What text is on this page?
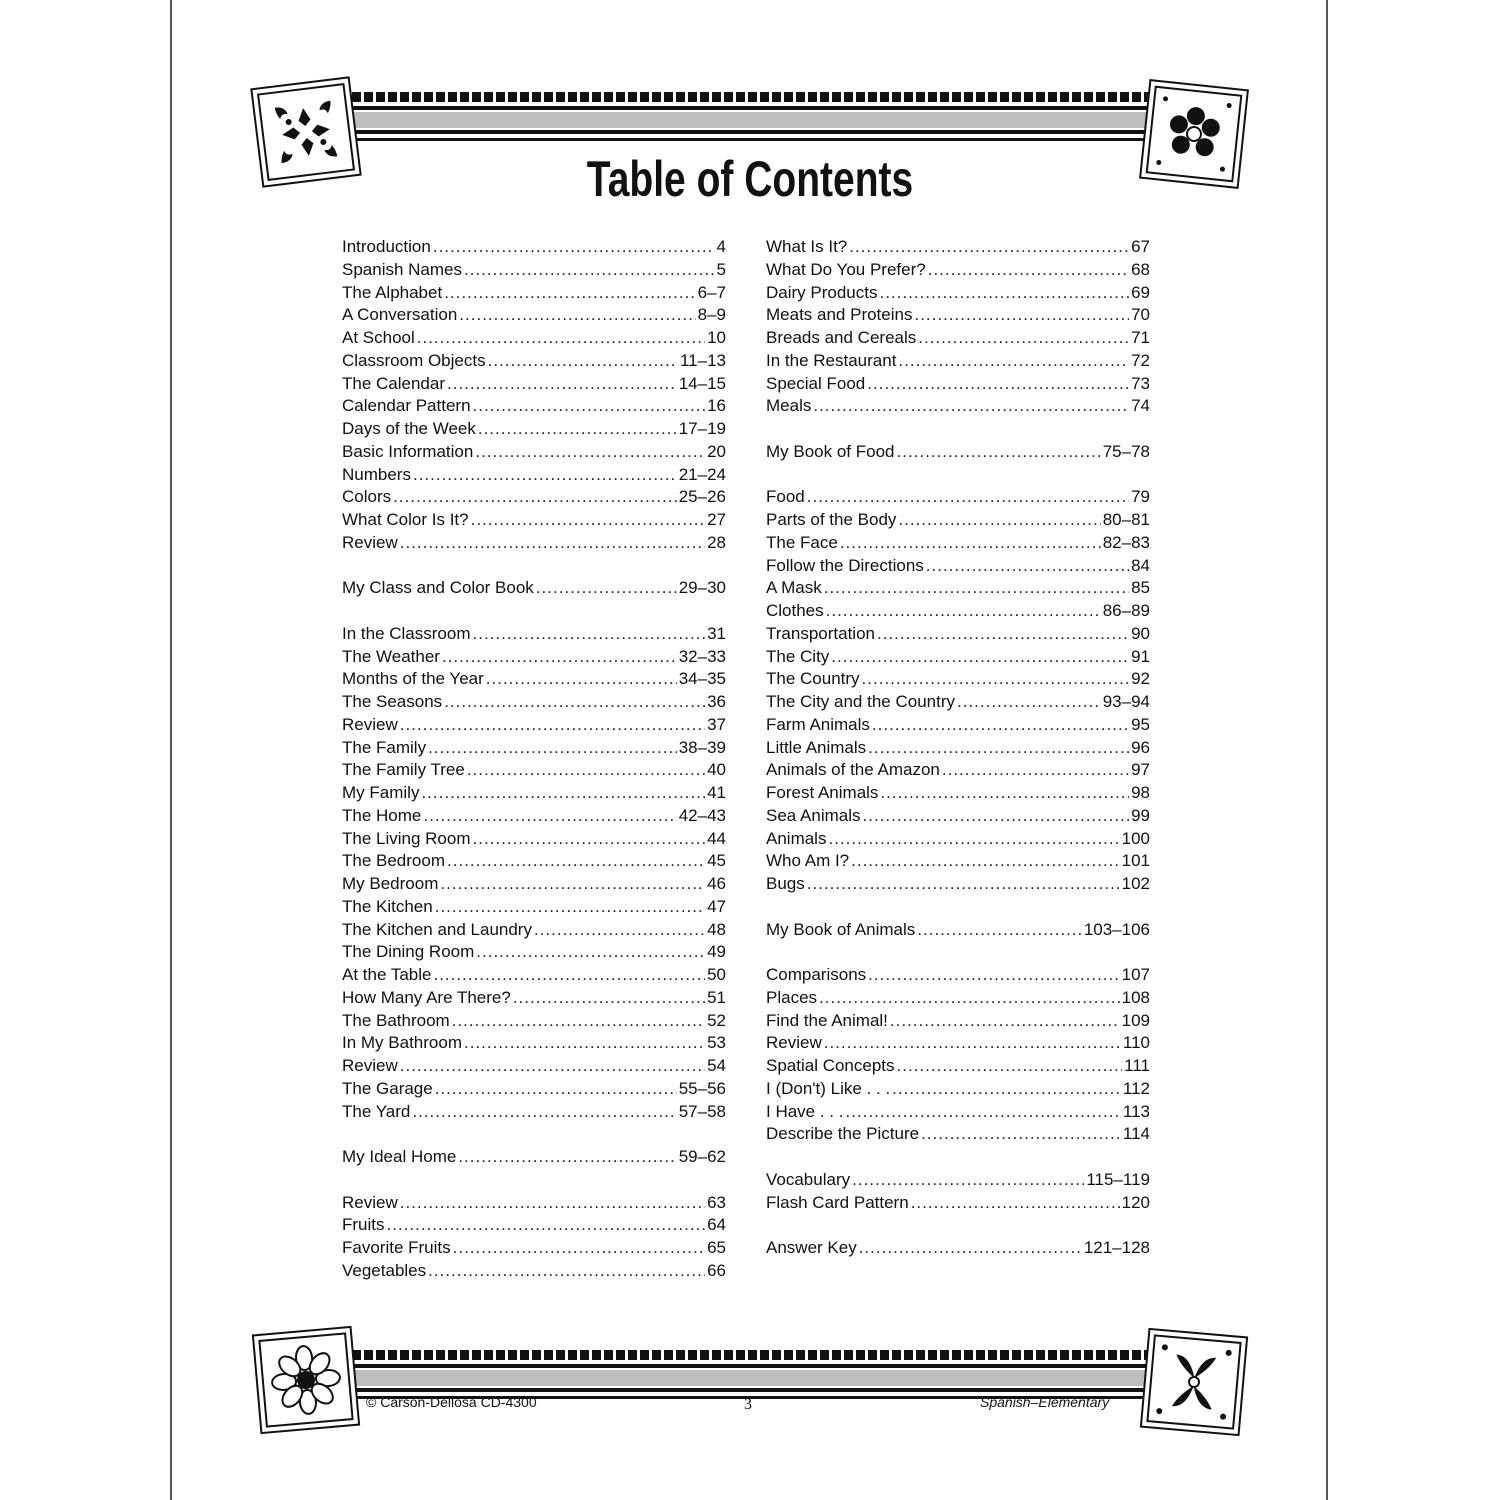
Table of Contents
Introduction .....	4
Spanish Names .....	5
The Alphabet .....	6–7
A Conversation .....	8–9
At School .....	10
Classroom Objects .....	11–13
The Calendar .....	14–15
Calendar Pattern .....	16
Days of the Week .....	17–19
Basic Information .....	20
Numbers .....	21–24
Colors .....	25–26
What Color Is It? .....	27
Review .....	28
My Class and Color Book .....	29–30
In the Classroom .....	31
The Weather .....	32–33
Months of the Year .....	34–35
The Seasons .....	36
Review .....	37
The Family .....	38–39
The Family Tree .....	40
My Family .....	41
The Home .....	42–43
The Living Room .....	44
The Bedroom .....	45
My Bedroom .....	46
The Kitchen .....	47
The Kitchen and Laundry .....	48
The Dining Room .....	49
At the Table .....	50
How Many Are There? .....	51
The Bathroom .....	52
In My Bathroom .....	53
Review .....	54
The Garage .....	55–56
The Yard .....	57–58
My Ideal Home .....	59–62
Review .....	63
Fruits .....	64
Favorite Fruits .....	65
Vegetables .....	66
What Is It? .....	67
What Do You Prefer? .....	68
Dairy Products .....	69
Meats and Proteins .....	70
Breads and Cereals .....	71
In the Restaurant .....	72
Special Food .....	73
Meals .....	74
My Book of Food .....	75–78
Food .....	79
Parts of the Body .....	80–81
The Face .....	82–83
Follow the Directions .....	84
A Mask .....	85
Clothes .....	86–89
Transportation .....	90
The City .....	91
The Country .....	92
The City and the Country .....	93–94
Farm Animals .....	95
Little Animals .....	96
Animals of the Amazon .....	97
Forest Animals .....	98
Sea Animals .....	99
Animals .....	100
Who Am I? .....	101
Bugs .....	102
My Book of Animals .....	103–106
Comparisons .....	107
Places .....	108
Find the Animal! .....	109
Review .....	110
Spatial Concepts .....	111
I (Don't) Like . . . .....	112
I Have . . . .....	113
Describe the Picture .....	114
Vocabulary .....	115–119
Flash Card Pattern .....	120
Answer Key .....	121–128
© Carson-Dellosa CD-4300	3	Spanish–Elementary
